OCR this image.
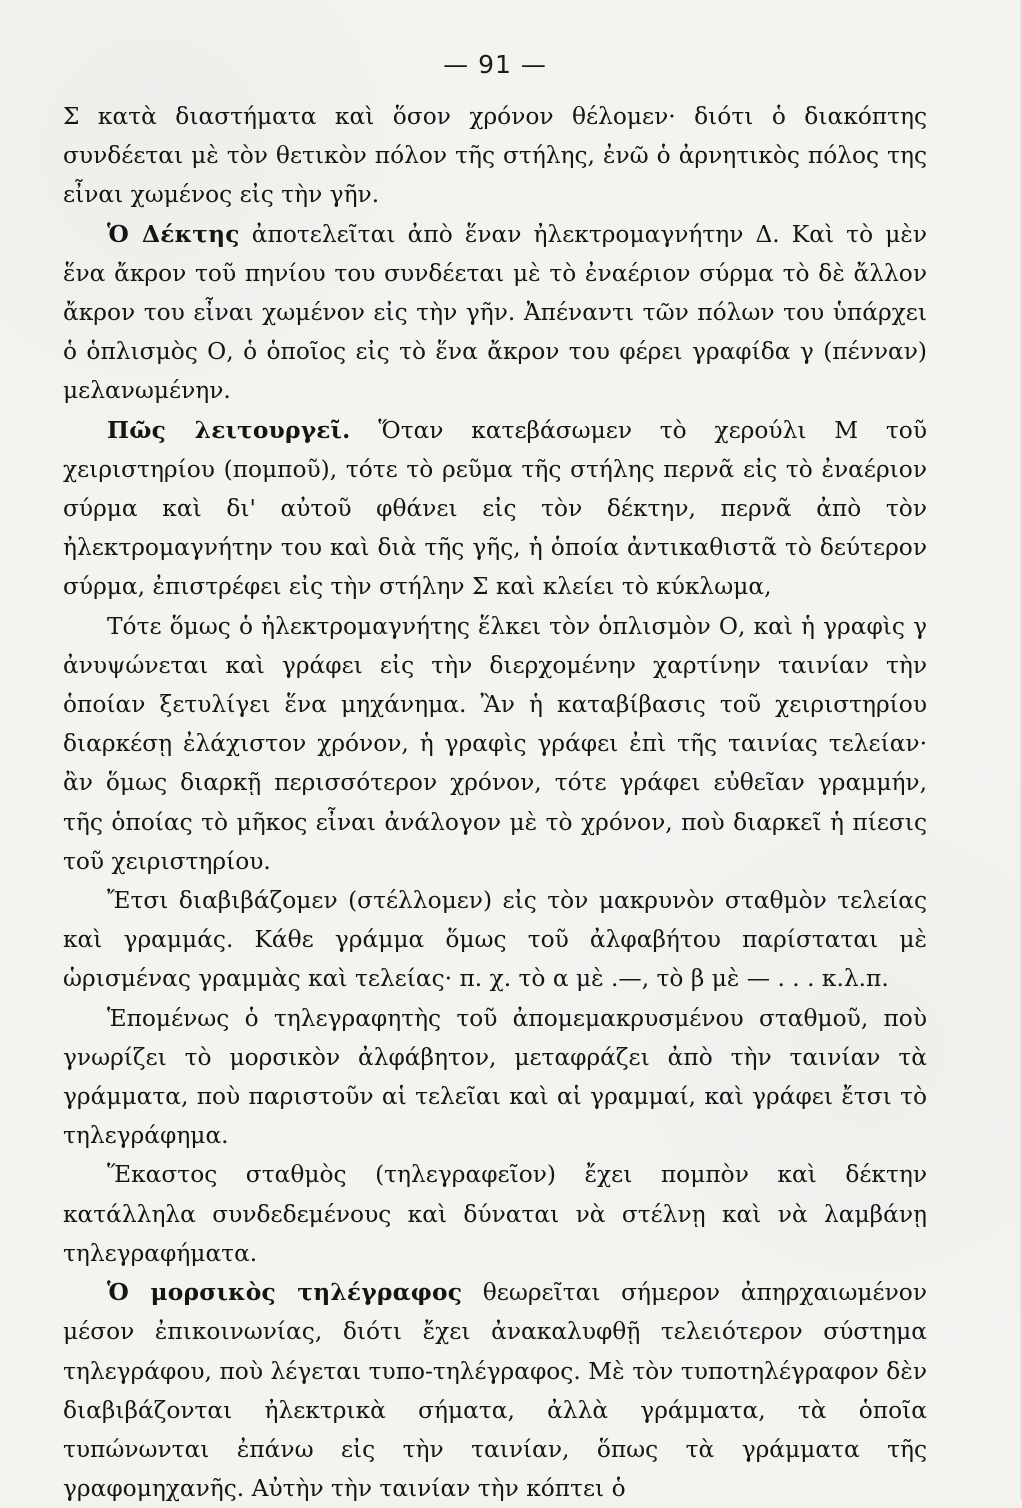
— 91 —

Σ κατὰ διαστήματα καὶ ὅσον χρόνον θέλομεν· διότι ὁ διακόπτης συνδέεται μὲ τὸν θετικὸν πόλον τῆς στήλης, ἐνῶ ὁ ἀρνητικὸς πόλος της εἶναι χωμένος εἰς τὴν γῆν.

Ὁ Δέκτης ἀποτελεῖται ἀπὸ ἕναν ἠλεκτρομαγνήτην Δ. Καὶ τὸ μὲν ἕνα ἄκρον τοῦ πηνίου του συνδέεται μὲ τὸ ἐναέριον σύρμα τὸ δὲ ἄλλον ἄκρον του εἶναι χωμένον εἰς τὴν γῆν. Ἀπέναντι τῶν πόλων του ὑπάρχει ὁ ὁπλισμὸς Ο, ὁ ὁποῖος εἰς τὸ ἕνα ἄκρον του φέρει γραφίδα γ (πένναν) μελανωμένην.

Πῶς λειτουργεῖ. Ὅταν κατεβάσωμεν τὸ χερούλι Μ τοῦ χειριστηρίου (πομποῦ), τότε τὸ ρεῦμα τῆς στήλης περνᾶ εἰς τὸ ἐναέριον σύρμα καὶ δι' αὐτοῦ φθάνει εἰς τὸν δέκτην, περνᾶ ἀπὸ τὸν ἠλεκτρομαγνήτην του καὶ διὰ τῆς γῆς, ἡ ὁποία ἀντικαθιστᾶ τὸ δεύτερον σύρμα, ἐπιστρέφει εἰς τὴν στήλην Σ καὶ κλείει τὸ κύκλωμα,

Τότε ὅμως ὁ ἠλεκτρομαγνήτης ἕλκει τὸν ὁπλισμὸν Ο, καὶ ἡ γραφὶς γ ἀνυψώνεται καὶ γράφει εἰς τὴν διερχομένην χαρτίνην ταινίαν τὴν ὁποίαν ξετυλίγει ἕνα μηχάνημα. Ἂν ἡ καταβίβασις τοῦ χειριστηρίου διαρκέσῃ ἐλάχιστον χρόνον, ἡ γραφὶς γράφει ἐπὶ τῆς ταινίας τελείαν· ἂν ὅμως διαρκῇ περισσότερον χρόνον, τότε γράφει εὐθεῖαν γραμμήν, τῆς ὁποίας τὸ μῆκος εἶναι ἀνάλογον μὲ τὸ χρόνον, ποὺ διαρκεῖ ἡ πίεσις τοῦ χειριστηρίου.

Ἔτσι διαβιβάζομεν (στέλλομεν) εἰς τὸν μακρυνὸν σταθμὸν τελείας καὶ γραμμάς. Κάθε γράμμα ὅμως τοῦ ἀλφαβήτου παρίσταται μὲ ὡρισμένας γραμμὰς καὶ τελείας· π. χ. τὸ α μὲ .—, τὸ β μὲ — . . . κ.λ.π.

Ἑπομένως ὁ τηλεγραφητὴς τοῦ ἀπομεμακρυσμένου σταθμοῦ, ποὺ γνωρίζει τὸ μορσικὸν ἀλφάβητον, μεταφράζει ἀπὸ τὴν ταινίαν τὰ γράμματα, ποὺ παριστοῦν αἱ τελεῖαι καὶ αἱ γραμμαί, καὶ γράφει ἔτσι τὸ τηλεγράφημα.

Ἕκαστος σταθμὸς (τηλεγραφεῖον) ἔχει πομπὸν καὶ δέκτην κατάλληλα συνδεδεμένους καὶ δύναται νὰ στέλνῃ καὶ νὰ λαμβάνῃ τηλεγραφήματα.

Ὁ μορσικὸς τηλέγραφος θεωρεῖται σήμερον ἀπηρχαιωμένον μέσον ἐπικοινωνίας, διότι ἔχει ἀνακαλυφθῇ τελειότερον σύστημα τηλεγράφου, ποὺ λέγεται τυπο-τηλέγραφος. Μὲ τὸν τυποτηλέγραφον δὲν διαβιβάζονται ἠλεκτρικὰ σήματα, ἀλλὰ γράμματα, τὰ ὁποῖα τυπώνωνται ἐπάνω εἰς τὴν ταινίαν, ὅπως τὰ γράμματα τῆς γραφομηχανῆς. Αὐτὴν τὴν ταινίαν τὴν κόπτει ὁ
